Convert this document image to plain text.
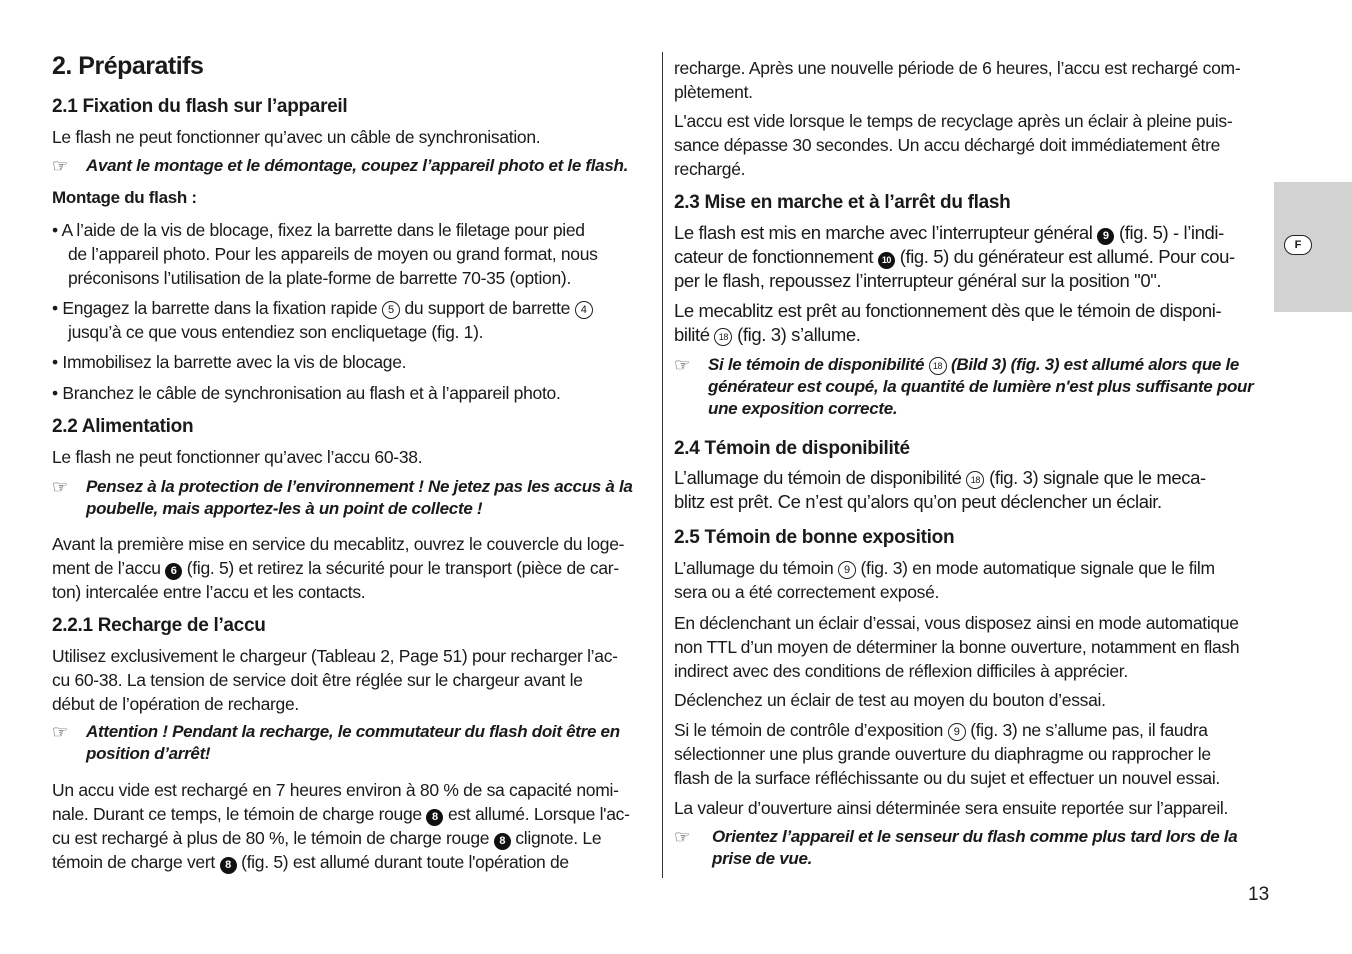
F
13
2. Préparatifs
2.1 Fixation du flash sur l’appareil
Le flash ne peut fonctionner qu’avec un câble de synchronisation.
☞	Avant le montage et le démontage, coupez l’appareil photo et le flash.
Montage du flash :
• A l’aide de la vis de blocage, fixez la barrette dans le filetage pour pied
de l’appareil photo. Pour les appareils de moyen ou grand format, nous
préconisons l’utilisation de la plate-forme de barrette 70-35 (option).
• Engagez la barrette dans la fixation rapide 5 du support de barrette 4
jusqu’à ce que vous entendiez son encliquetage (fig. 1).
• Immobilisez la barrette avec la vis de blocage.
• Branchez le câble de synchronisation au flash et à l’appareil photo.
2.2 Alimentation
Le flash ne peut fonctionner qu’avec l’accu 60-38.
☞	Pensez à la protection de l’environnement ! Ne jetez pas les accus à la
poubelle, mais apportez-les à un point de collecte !
Avant la première mise en service du mecablitz, ouvrez le couvercle du loge-
ment de l’accu 6 (fig. 5) et retirez la sécurité pour le transport (pièce de car-
ton) intercalée entre l’accu et les contacts.
2.2.1 Recharge de l’accu
Utilisez exclusivement le chargeur (Tableau 2, Page 51) pour recharger l’ac-
cu 60-38. La tension de service doit être réglée sur le chargeur avant le
début de l’opération de recharge.
☞	Attention ! Pendant la recharge, le commutateur du flash doit être en
position d’arrêt!
Un accu vide est rechargé en 7 heures environ à 80 % de sa capacité nomi-
nale. Durant ce temps, le témoin de charge rouge 8 est allumé. Lorsque l'ac-
cu est rechargé à plus de 80 %, le témoin de charge rouge 8 clignote. Le
témoin de charge vert 8 (fig. 5) est allumé durant toute l'opération de
recharge. Après une nouvelle période de 6 heures, l’accu est rechargé com-
plètement.
L'accu est vide lorsque le temps de recyclage après un éclair à pleine puis-
sance dépasse 30 secondes. Un accu déchargé doit immédiatement être
rechargé.
2.3 Mise en marche et à l’arrêt du flash
Le flash est mis en marche avec l’interrupteur général 9 (fig. 5) - l’indi-
cateur de fonctionnement 10 (fig. 5) du générateur est allumé. Pour cou-
per le flash, repoussez l’interrupteur général sur la position "0".
Le mecablitz est prêt au fonctionnement dès que le témoin de disponi-
bilité 18 (fig. 3) s’allume.
☞	Si le témoin de disponibilité 18 (Bild 3) (fig. 3) est allumé alors que le
générateur est coupé, la quantité de lumière n'est plus suffisante pour
une exposition correcte.
2.4 Témoin de disponibilité
L’allumage du témoin de disponibilité 18 (fig. 3) signale que le meca-
blitz est prêt. Ce n’est qu’alors qu’on peut déclencher un éclair.
2.5 Témoin de bonne exposition
L’allumage du témoin 9 (fig. 3) en mode automatique signale que le film
sera ou a été correctement exposé.
En déclenchant un éclair d’essai, vous disposez ainsi en mode automatique
non TTL d’un moyen de déterminer la bonne ouverture, notamment en flash
indirect avec des conditions de réflexion difficiles à apprécier.
Déclenchez un éclair de test au moyen du bouton d’essai.
Si le témoin de contrôle d’exposition 9 (fig. 3) ne s’allume pas, il faudra
sélectionner une plus grande ouverture du diaphragme ou rapprocher le
flash de la surface réfléchissante ou du sujet et effectuer un nouvel essai.
La valeur d’ouverture ainsi déterminée sera ensuite reportée sur l’appareil.
☞	Orientez l’appareil et le senseur du flash comme plus tard lors de la
prise de vue.
